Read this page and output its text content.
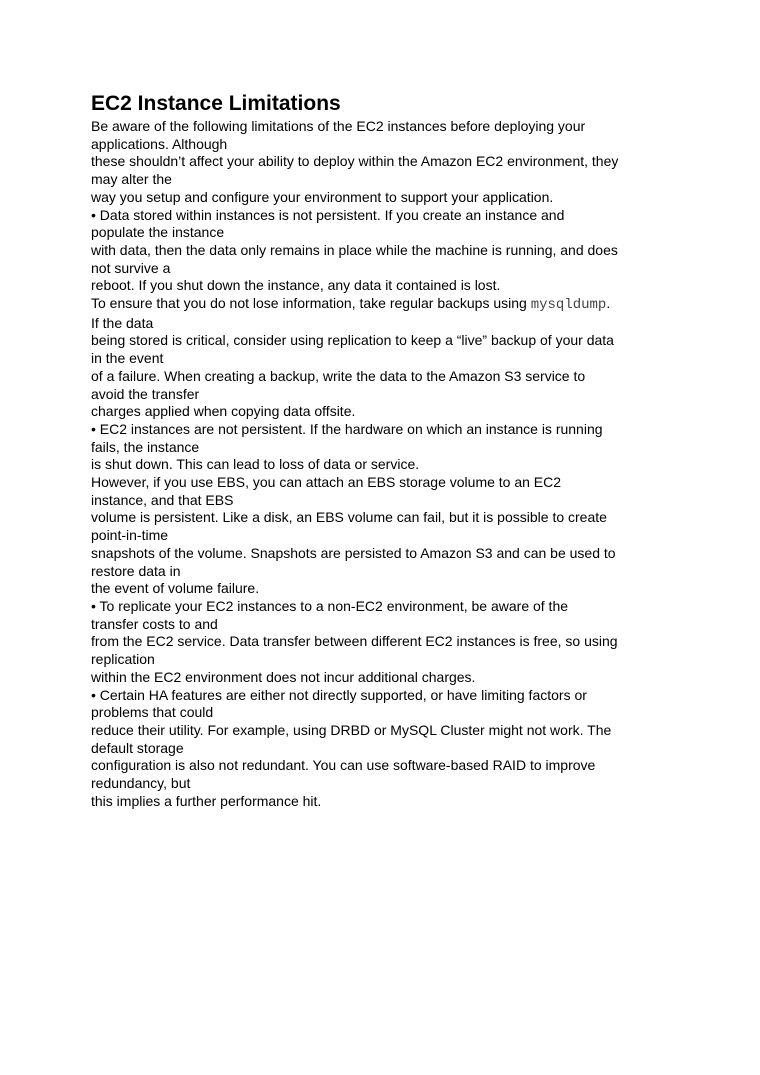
EC2 Instance Limitations
Be aware of the following limitations of the EC2 instances before deploying your
applications. Although
these shouldn’t affect your ability to deploy within the Amazon EC2 environment, they
may alter the
way you setup and configure your environment to support your application.
• Data stored within instances is not persistent. If you create an instance and
populate the instance
with data, then the data only remains in place while the machine is running, and does
not survive a
reboot. If you shut down the instance, any data it contained is lost.
To ensure that you do not lose information, take regular backups using mysqldump.
If the data
being stored is critical, consider using replication to keep a “live” backup of your data
in the event
of a failure. When creating a backup, write the data to the Amazon S3 service to
avoid the transfer
charges applied when copying data offsite.
• EC2 instances are not persistent. If the hardware on which an instance is running
fails, the instance
is shut down. This can lead to loss of data or service.
However, if you use EBS, you can attach an EBS storage volume to an EC2
instance, and that EBS
volume is persistent. Like a disk, an EBS volume can fail, but it is possible to create
point-in-time
snapshots of the volume. Snapshots are persisted to Amazon S3 and can be used to
restore data in
the event of volume failure.
• To replicate your EC2 instances to a non-EC2 environment, be aware of the
transfer costs to and
from the EC2 service. Data transfer between different EC2 instances is free, so using
replication
within the EC2 environment does not incur additional charges.
• Certain HA features are either not directly supported, or have limiting factors or
problems that could
reduce their utility. For example, using DRBD or MySQL Cluster might not work. The
default storage
configuration is also not redundant. You can use software-based RAID to improve
redundancy, but
this implies a further performance hit.
